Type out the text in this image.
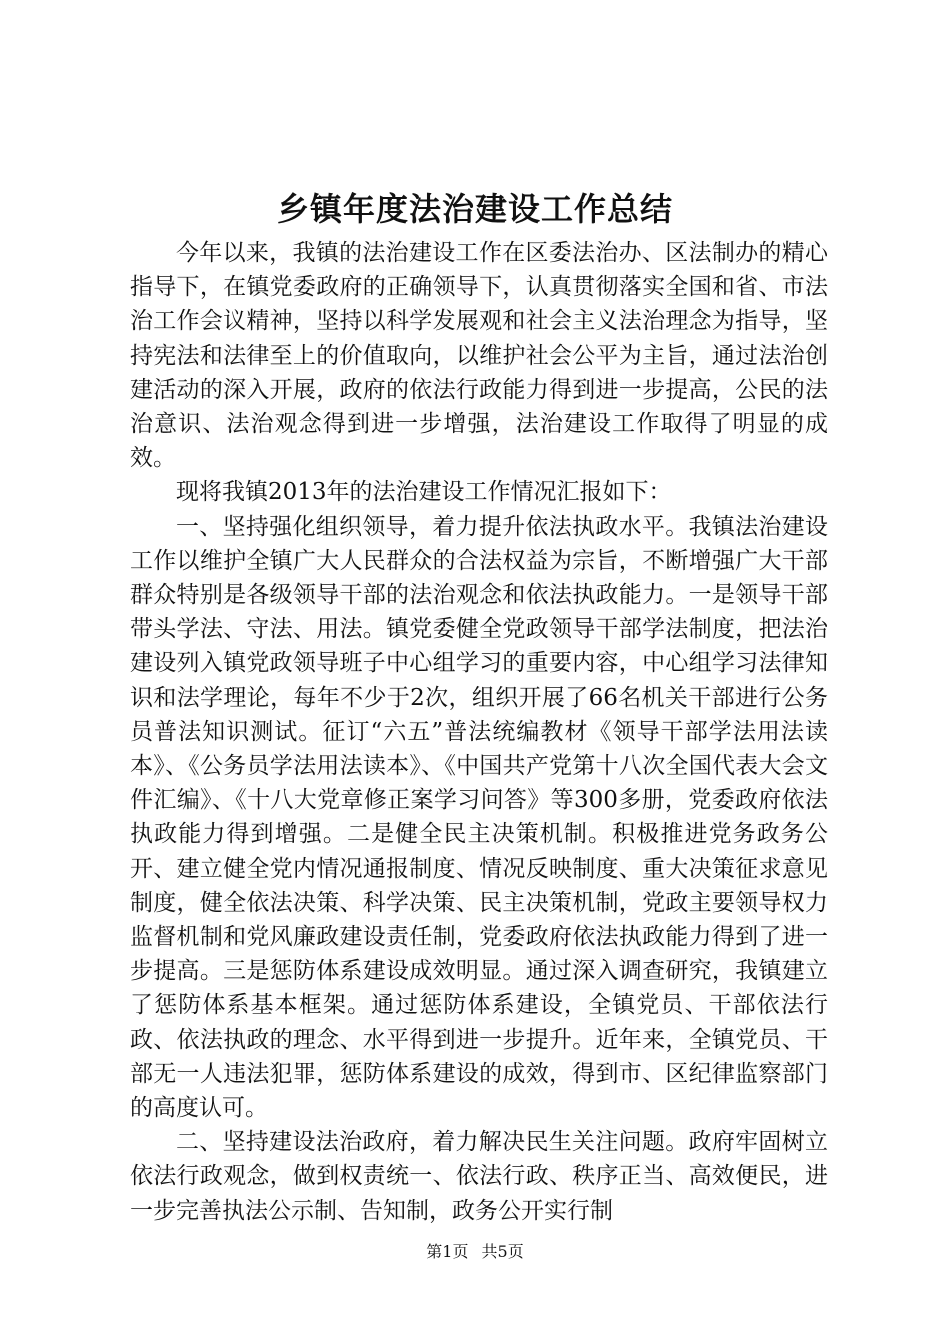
乡镇年度法治建设工作总结

今年以来，我镇的法治建设工作在区委法治办、区法制办的精心指导下，在镇党委政府的正确领导下，认真贯彻落实全国和省、市法治工作会议精神，坚持以科学发展观和社会主义法治理念为指导，坚持宪法和法律至上的价值取向，以维护社会公平为主旨，通过法治创建活动的深入开展，政府的依法行政能力得到进一步提高，公民的法治意识、法治观念得到进一步增强，法治建设工作取得了明显的成效。

现将我镇2013年的法治建设工作情况汇报如下：

一、坚持强化组织领导，着力提升依法执政水平。我镇法治建设工作以维护全镇广大人民群众的合法权益为宗旨，不断增强广大干部群众特别是各级领导干部的法治观念和依法执政能力。一是领导干部带头学法、守法、用法。镇党委健全党政领导干部学法制度，把法治建设列入镇党政领导班子中心组学习的重要内容，中心组学习法律知识和法学理论，每年不少于2次，组织开展了66名机关干部进行公务员普法知识测试。征订“六五”普法统编教材《领导干部学法用法读本》、《公务员学法用法读本》、《中国共产党第十八次全国代表大会文件汇编》、《十八大党章修正案学习问答》等300多册，党委政府依法执政能力得到增强。二是健全民主决策机制。积极推进党务政务公开、建立健全党内情况通报制度、情况反映制度、重大决策征求意见制度，健全依法决策、科学决策、民主决策机制，党政主要领导权力监督机制和党风廉政建设责任制，党委政府依法执政能力得到了进一步提高。三是惩防体系建设成效明显。通过深入调查研究，我镇建立了惩防体系基本框架。通过惩防体系建设，全镇党员、干部依法行政、依法执政的理念、水平得到进一步提升。近年来，全镇党员、干部无一人违法犯罪，惩防体系建设的成效，得到市、区纪律监察部门的高度认可。

二、坚持建设法治政府，着力解决民生关注问题。政府牢固树立依法行政观念，做到权责统一、依法行政、秩序正当、高效便民，进一步完善执法公示制、告知制，政务公开实行制

第1页 共5页
